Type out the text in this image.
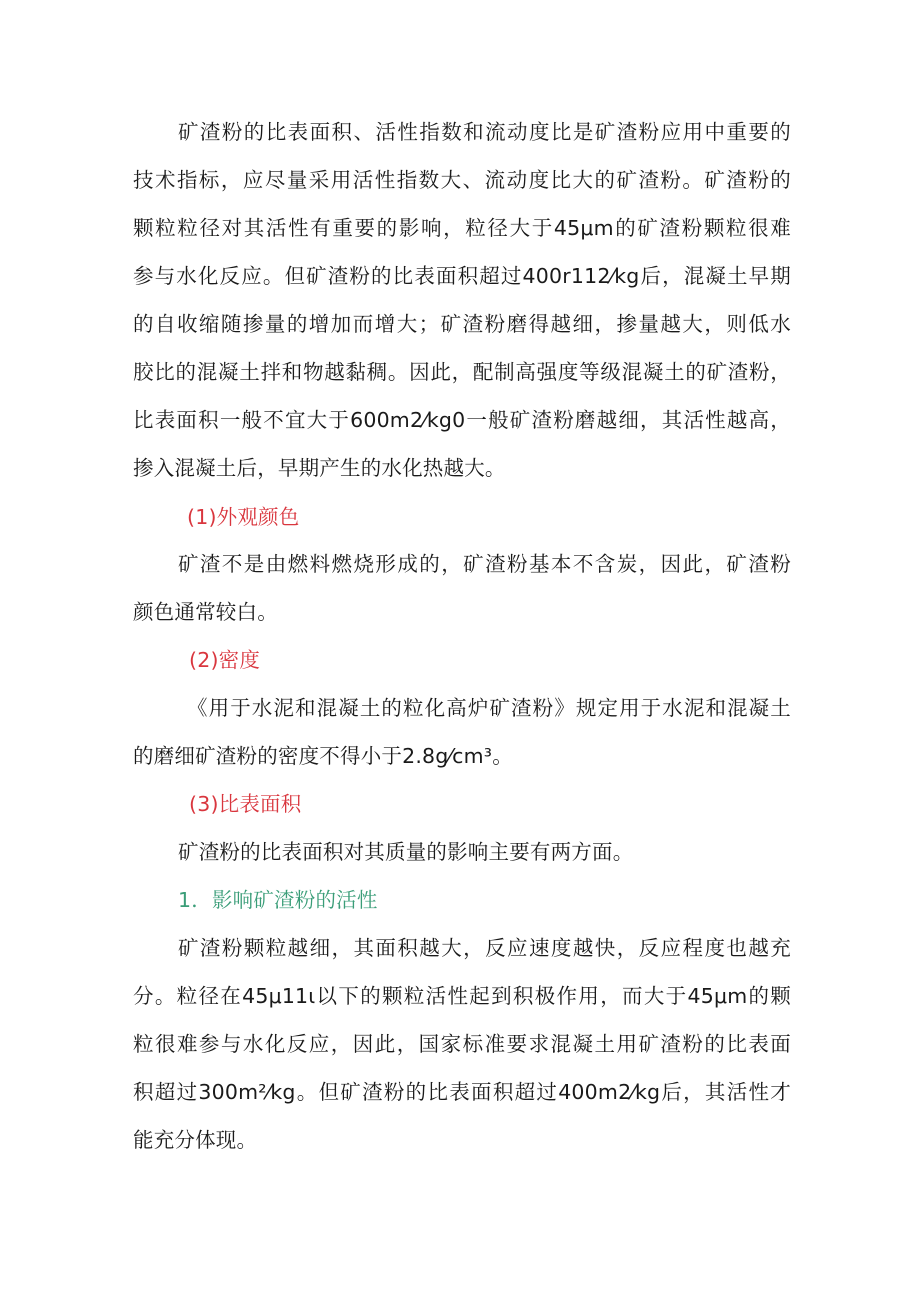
矿渣粉的比表面积、活性指数和流动度比是矿渣粉应用中重要的
技术指标，应尽量采用活性指数大、流动度比大的矿渣粉。矿渣粉的
颗粒粒径对其活性有重要的影响，粒径大于45μm的矿渣粉颗粒很难
参与水化反应。但矿渣粉的比表面积超过400r112⁄kg后，混凝土早期
的自收缩随掺量的增加而增大；矿渣粉磨得越细，掺量越大，则低水
胶比的混凝土拌和物越黏稠。因此，配制高强度等级混凝土的矿渣粉，
比表面积一般不宜大于600m2⁄kg0一般矿渣粉磨越细，其活性越高，
掺入混凝土后，早期产生的水化热越大。
(1)外观颜色
矿渣不是由燃料燃烧形成的，矿渣粉基本不含炭，因此，矿渣粉
颜色通常较白。
(2)密度
《用于水泥和混凝土的粒化高炉矿渣粉》规定用于水泥和混凝土
的磨细矿渣粉的密度不得小于2.8g⁄cm³。
(3)比表面积
矿渣粉的比表面积对其质量的影响主要有两方面。
1．影响矿渣粉的活性
矿渣粉颗粒越细，其面积越大，反应速度越快，反应程度也越充
分。粒径在45μ11ι以下的颗粒活性起到积极作用，而大于45μm的颗
粒很难参与水化反应，因此，国家标准要求混凝土用矿渣粉的比表面
积超过300m²⁄kg。但矿渣粉的比表面积超过400m2⁄kg后，其活性才
能充分体现。
